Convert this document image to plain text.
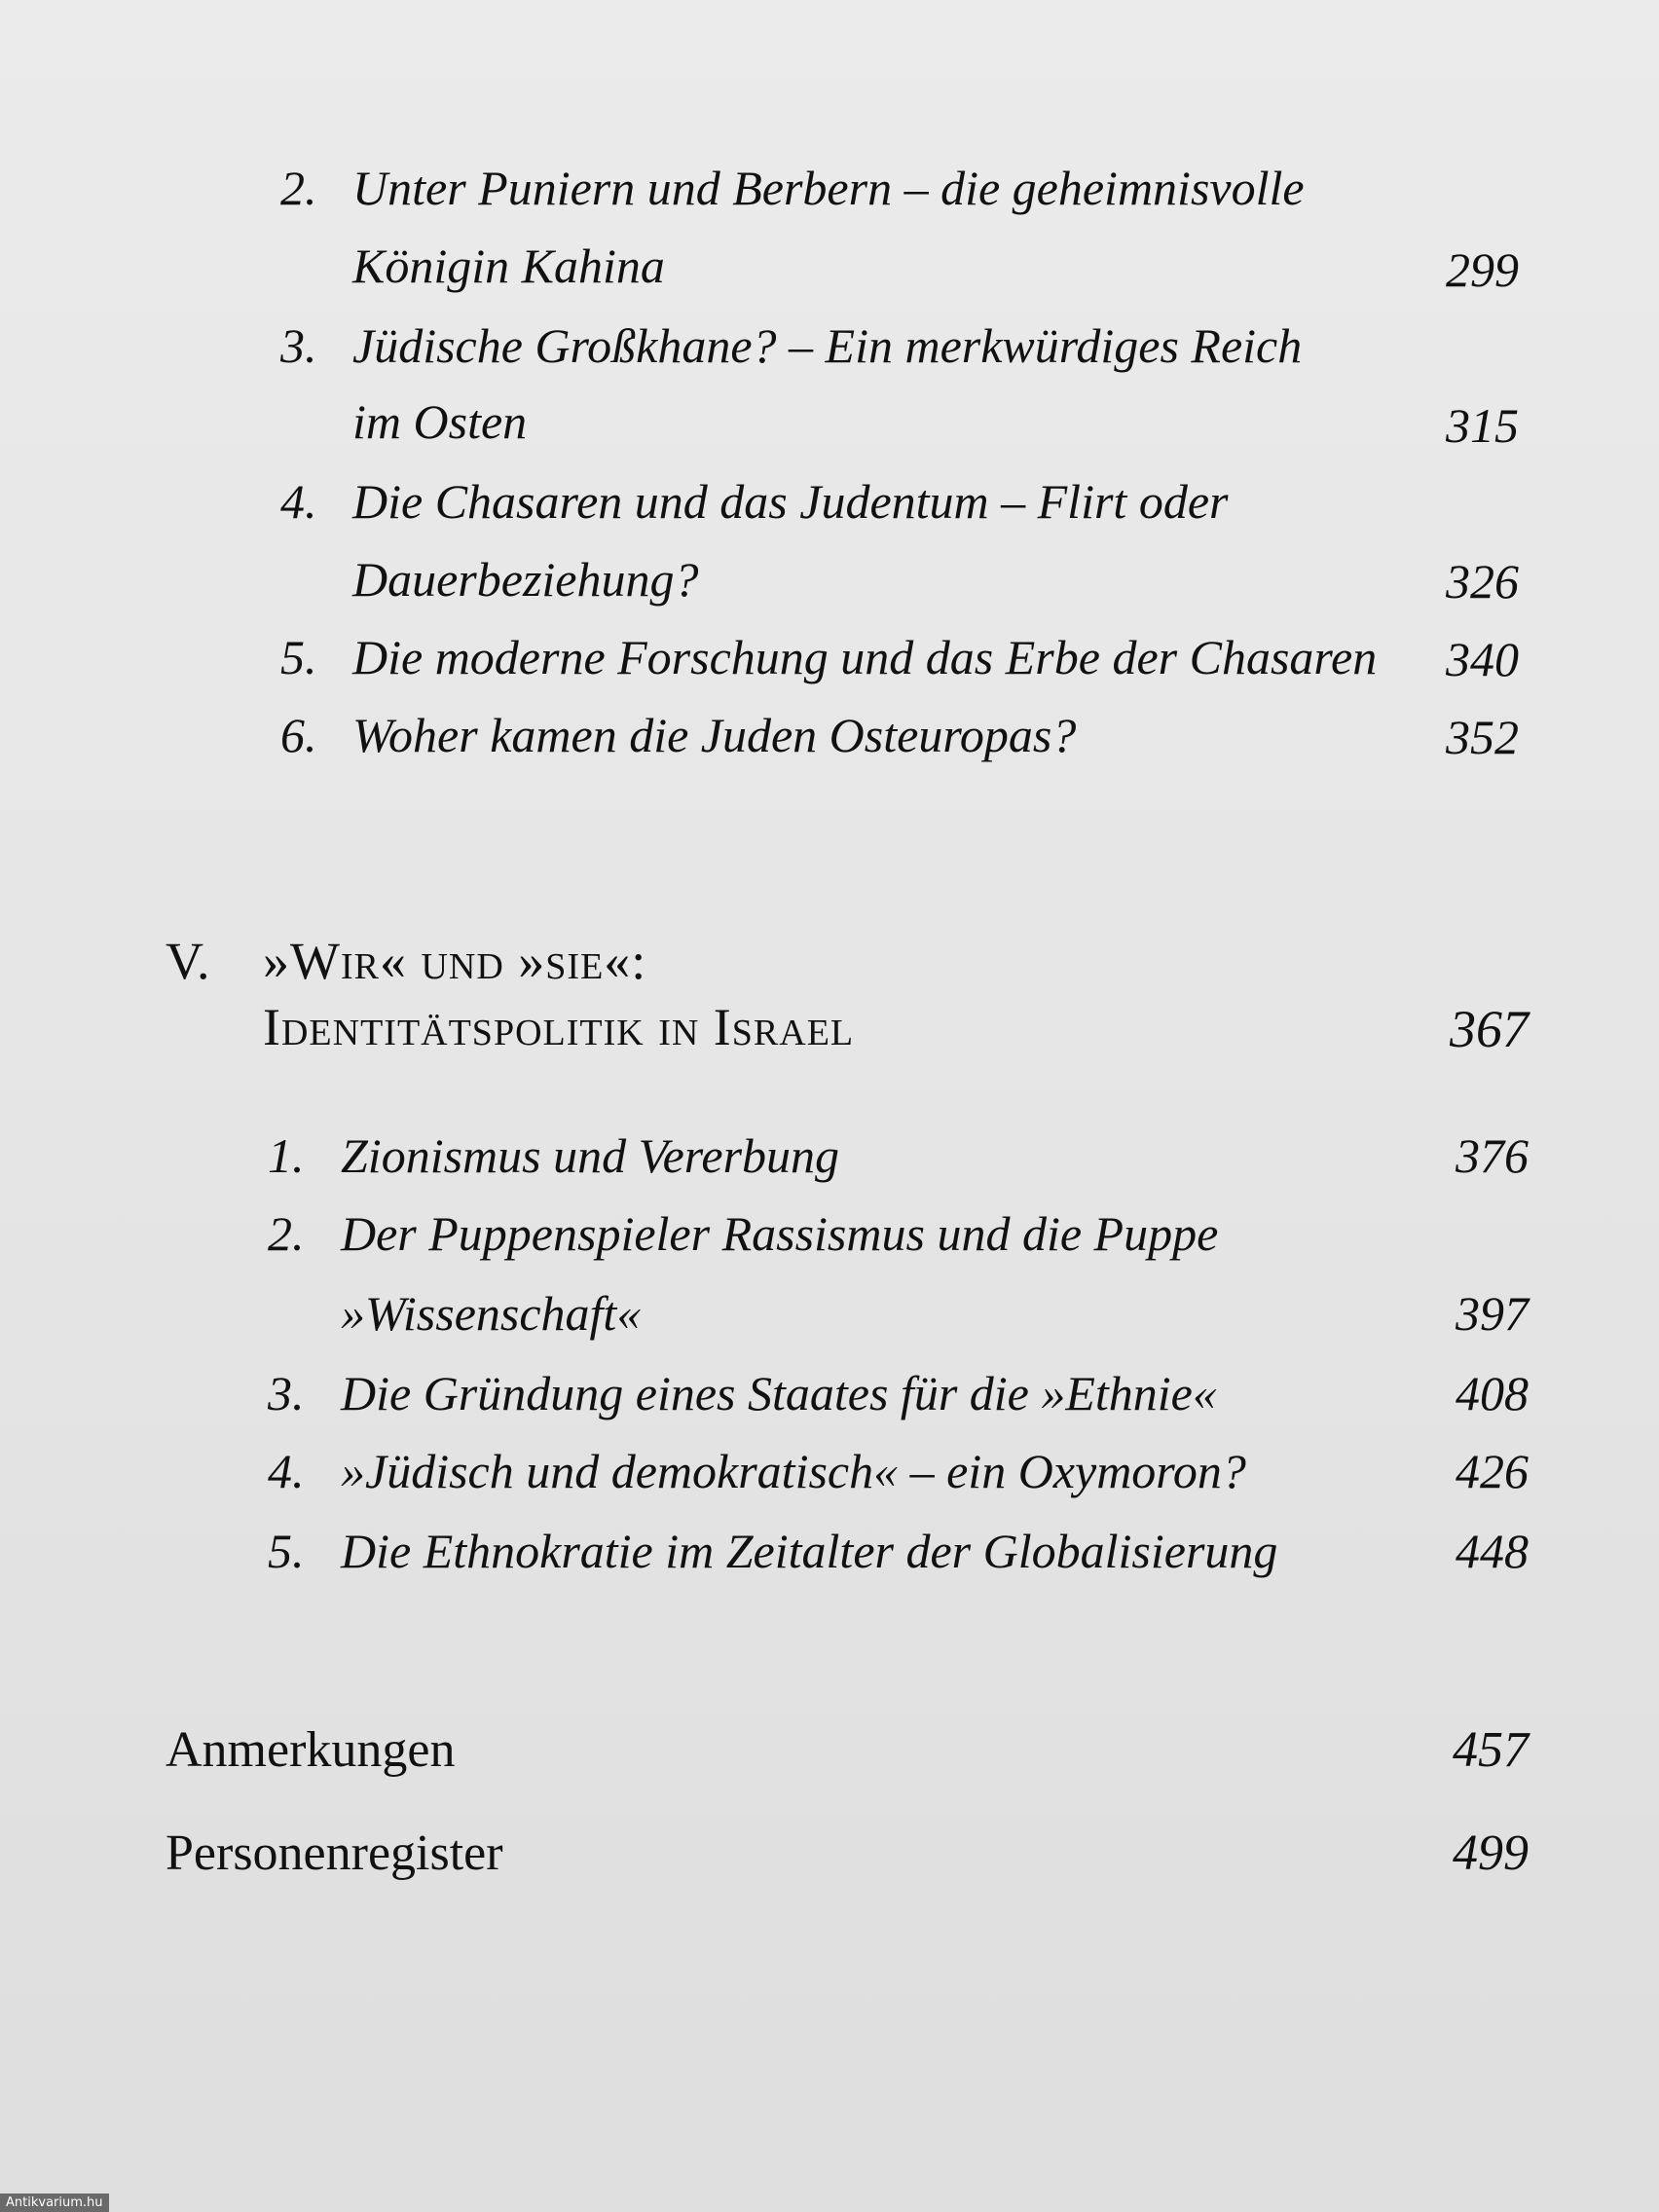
2. Unter Puniern und Berbern – die geheimnisvolle
Königin Kahina	299
3. Jüdische Großkhane? – Ein merkwürdiges Reich
im Osten	315
4. Die Chasaren und das Judentum – Flirt oder
Dauerbeziehung?	326
5. Die moderne Forschung und das Erbe der Chasaren	340
6. Woher kamen die Juden Osteuropas?	352
V. »Wir« und »sie«:
Identitätspolitik in Israel	367
1. Zionismus und Vererbung	376
2. Der Puppenspieler Rassismus und die Puppe
»Wissenschaft«	397
3. Die Gründung eines Staates für die »Ethnie«	408
4. »Jüdisch und demokratisch« – ein Oxymoron?	426
5. Die Ethnokratie im Zeitalter der Globalisierung	448
Anmerkungen	457
Personenregister	499
Antikvarium.hu
